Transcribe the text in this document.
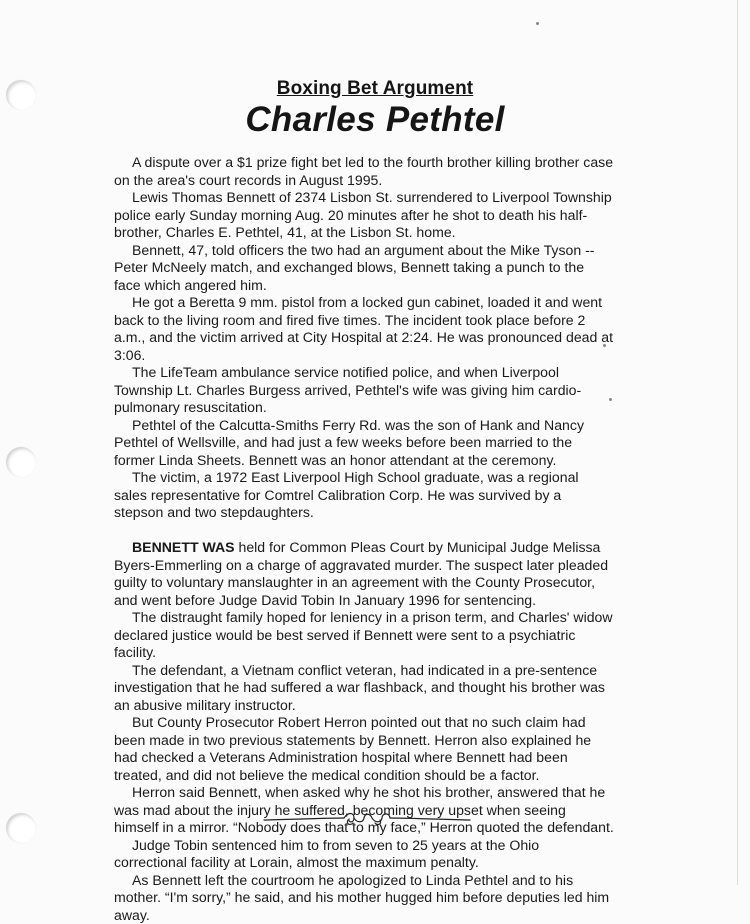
Boxing Bet Argument
Charles Pethtel

A dispute over a $1 prize fight bet led to the fourth brother killing brother case on the area's court records in August 1995.

Lewis Thomas Bennett of 2374 Lisbon St. surrendered to Liverpool Township police early Sunday morning Aug. 20 minutes after he shot to death his half-brother, Charles E. Pethtel, 41, at the Lisbon St. home.

Bennett, 47, told officers the two had an argument about the Mike Tyson -- Peter McNeely match, and exchanged blows, Bennett taking a punch to the face which angered him.

He got a Beretta 9 mm. pistol from a locked gun cabinet, loaded it and went back to the living room and fired five times. The incident took place before 2 a.m., and the victim arrived at City Hospital at 2:24. He was pronounced dead at 3:06.

The LifeTeam ambulance service notified police, and when Liverpool Township Lt. Charles Burgess arrived, Pethtel's wife was giving him cardio-pulmonary resuscitation.

Pethtel of the Calcutta-Smiths Ferry Rd. was the son of Hank and Nancy Pethtel of Wellsville, and had just a few weeks before been married to the former Linda Sheets. Bennett was an honor attendant at the ceremony.

The victim, a 1972 East Liverpool High School graduate, was a regional sales representative for Comtrel Calibration Corp. He was survived by a stepson and two stepdaughters.

BENNETT WAS held for Common Pleas Court by Municipal Judge Melissa Byers-Emmerling on a charge of aggravated murder. The suspect later pleaded guilty to voluntary manslaughter in an agreement with the County Prosecutor, and went before Judge David Tobin In January 1996 for sentencing.

The distraught family hoped for leniency in a prison term, and Charles' widow declared justice would be best served if Bennett were sent to a psychiatric facility.

The defendant, a Vietnam conflict veteran, had indicated in a pre-sentence investigation that he had suffered a war flashback, and thought his brother was an abusive military instructor.

But County Prosecutor Robert Herron pointed out that no such claim had been made in two previous statements by Bennett. Herron also explained he had checked a Veterans Administration hospital where Bennett had been treated, and did not believe the medical condition should be a factor.

Herron said Bennett, when asked why he shot his brother, answered that he was mad about the injury he suffered, becoming very upset when seeing himself in a mirror. “Nobody does that to my face,” Herron quoted the defendant.

Judge Tobin sentenced him to from seven to 25 years at the Ohio correctional facility at Lorain, almost the maximum penalty.

As Bennett left the courtroom he apologized to Linda Pethtel and to his mother. “I'm sorry,” he said, and his mother hugged him before deputies led him away.
